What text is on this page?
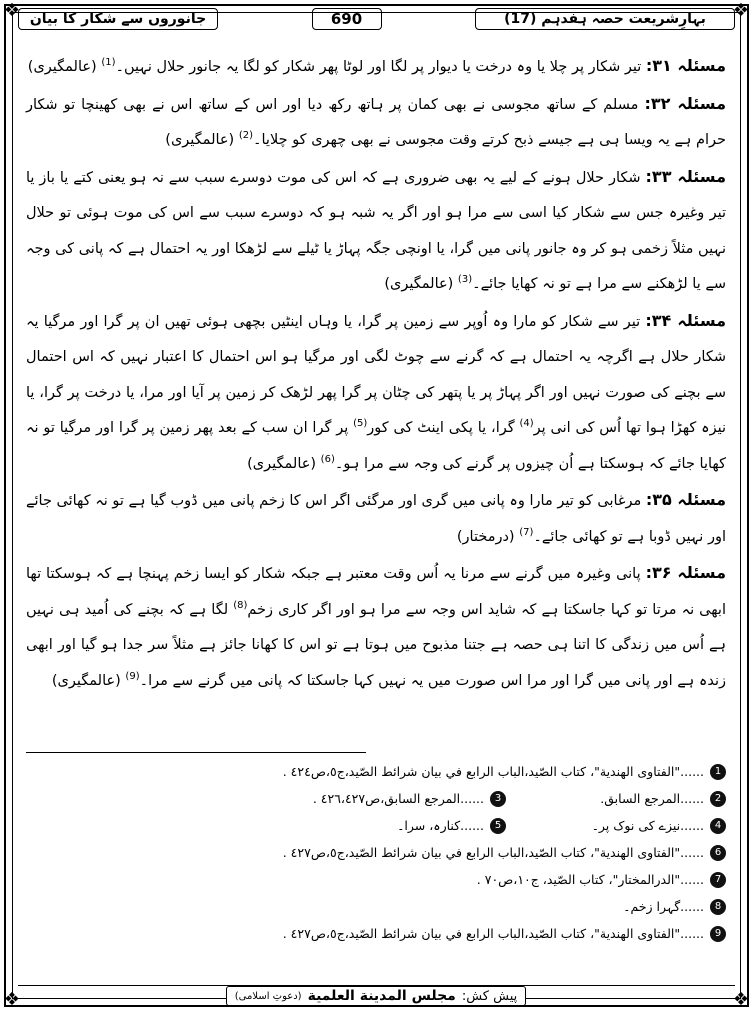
❖	❖
❖	❖
بہارِشریعت حصہ ہفدہم (17)
690
جانوروں سے شکار کا بیان

مسئلہ ۳۱: تیر شکار پر چلا یا وہ درخت یا دیوار پر لگا اور لوٹا پھر شکار کو لگا یہ جانور حلال نہیں۔$^{(1)}$ (عالمگیری)

مسئلہ ۳۲: مسلم کے ساتھ مجوسی نے بھی کمان پر ہاتھ رکھ دیا اور اس کے ساتھ اس نے بھی کھینچا تو شکار حرام ہے یہ ویسا ہی ہے جیسے ذبح کرتے وقت مجوسی نے بھی چھری کو چلایا۔$^{(2)}$ (عالمگیری)

مسئلہ ۳۳: شکار حلال ہونے کے لیے یہ بھی ضروری ہے کہ اس کی موت دوسرے سبب سے نہ ہو یعنی کتے یا باز یا تیر وغیرہ جس سے شکار کیا اسی سے مرا ہو اور اگر یہ شبہ ہو کہ دوسرے سبب سے اس کی موت ہوئی تو حلال نہیں مثلاً زخمی ہو کر وہ جانور پانی میں گرا، یا اونچی جگہ پہاڑ یا ٹیلے سے لڑھکا اور یہ احتمال ہے کہ پانی کی وجہ سے یا لڑھکنے سے مرا ہے تو نہ کھایا جائے۔$^{(3)}$ (عالمگیری)

مسئلہ ۳۴: تیر سے شکار کو مارا وہ اُوپر سے زمین پر گرا، یا وہاں اینٹیں بچھی ہوئی تھیں ان پر گرا اور مرگیا یہ شکار حلال ہے اگرچہ یہ احتمال ہے کہ گرنے سے چوٹ لگی اور مرگیا ہو اس احتمال کا اعتبار نہیں کہ اس احتمال سے بچنے کی صورت نہیں اور اگر پہاڑ پر یا پتھر کی چٹان پر گرا پھر لڑھک کر زمین پر آیا اور مرا، یا درخت پر گرا، یا نیزہ کھڑا ہوا تھا اُس کی انی پر$^{(4)}$ گرا، یا پکی اینٹ کی کور$^{(5)}$ پر گرا ان سب کے بعد پھر زمین پر گرا اور مرگیا تو نہ کھایا جائے کہ ہوسکتا ہے اُن چیزوں پر گرنے کی وجہ سے مرا ہو۔$^{(6)}$ (عالمگیری)

مسئلہ ۳۵: مرغابی کو تیر مارا وہ پانی میں گری اور مرگئی اگر اس کا زخم پانی میں ڈوب گیا ہے تو نہ کھائی جائے اور نہیں ڈوبا ہے تو کھائی جائے۔$^{(7)}$ (درمختار)

مسئلہ ۳۶: پانی وغیرہ میں گرنے سے مرنا یہ اُس وقت معتبر ہے جبکہ شکار کو ایسا زخم پہنچا ہے کہ ہوسکتا تھا ابھی نہ مرتا تو کہا جاسکتا ہے کہ شاید اس وجہ سے مرا ہو اور اگر کاری زخم$^{(8)}$ لگا ہے کہ بچنے کی اُمید ہی نہیں ہے اُس میں زندگی کا اتنا ہی حصہ ہے جتنا مذبوح میں ہوتا ہے تو اس کا کھانا جائز ہے مثلاً سر جدا ہو گیا اور ابھی زندہ ہے اور پانی میں گرا اور مرا اس صورت میں یہ نہیں کہا جاسکتا کہ پانی میں گرنے سے مرا۔$^{(9)}$ (عالمگیری)

1
......"الفتاوى الهندية"، كتاب الصّيد،الباب الرابع في بيان شرائط الصّيد،ج٥،ص٤٢٤ .
2
......المرجع السابق.
3
......المرجع السابق،ص٤٢٦،٤٢٧ .
4
......نیزے کی نوک پر۔
5
......کنارہ، سرا۔
6
......"الفتاوى الهندية"، كتاب الصّيد،الباب الرابع في بيان شرائط الصّيد،ج٥،ص٤٢٧ .
7
......"الدرالمختار"، كتاب الصّيد، ج١٠،ص٧٠ .
8
......گہرا زخم۔
9
......"الفتاوى الهندية"، كتاب الصّيد،الباب الرابع في بيان شرائط الصّيد،ج٥،ص٤٢٧ .
پیش کش:
مجلس المدينة العلمية
(دعوتِ اسلامی)
